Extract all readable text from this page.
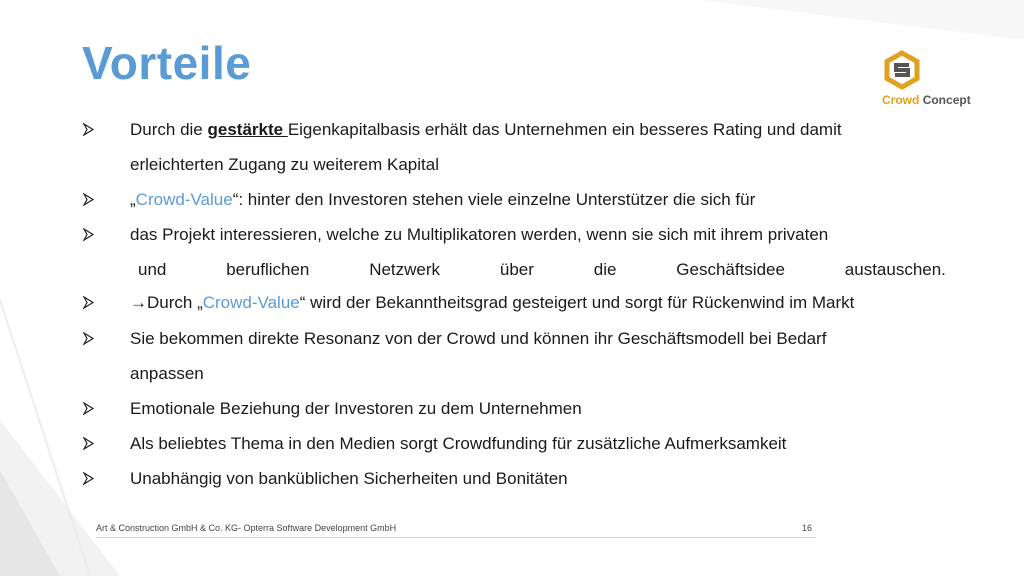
Vorteile
Crowd Concept
Durch die gestärkte Eigenkapitalbasis erhält das Unternehmen ein besseres Rating und damit
erleichterten Zugang zu weiterem Kapital
„Crowd-Value“: hinter den Investoren stehen viele einzelne Unterstützer die sich für
das Projekt interessieren, welche zu Multiplikatoren werden, wenn sie sich mit ihrem privaten
und	beruflichen	Netzwerk	über	die	Geschäftsidee	austauschen.
→Durch „Crowd-Value“ wird der Bekanntheitsgrad gesteigert und sorgt für Rückenwind im Markt
Sie bekommen direkte Resonanz von der Crowd und können ihr Geschäftsmodell bei Bedarf
anpassen
Emotionale Beziehung der Investoren zu dem Unternehmen
Als beliebtes Thema in den Medien sorgt Crowdfunding für zusätzliche Aufmerksamkeit
Unabhängig von banküblichen Sicherheiten und Bonitäten
Art & Construction GmbH & Co. KG- Opterra Software Development GmbH	16
